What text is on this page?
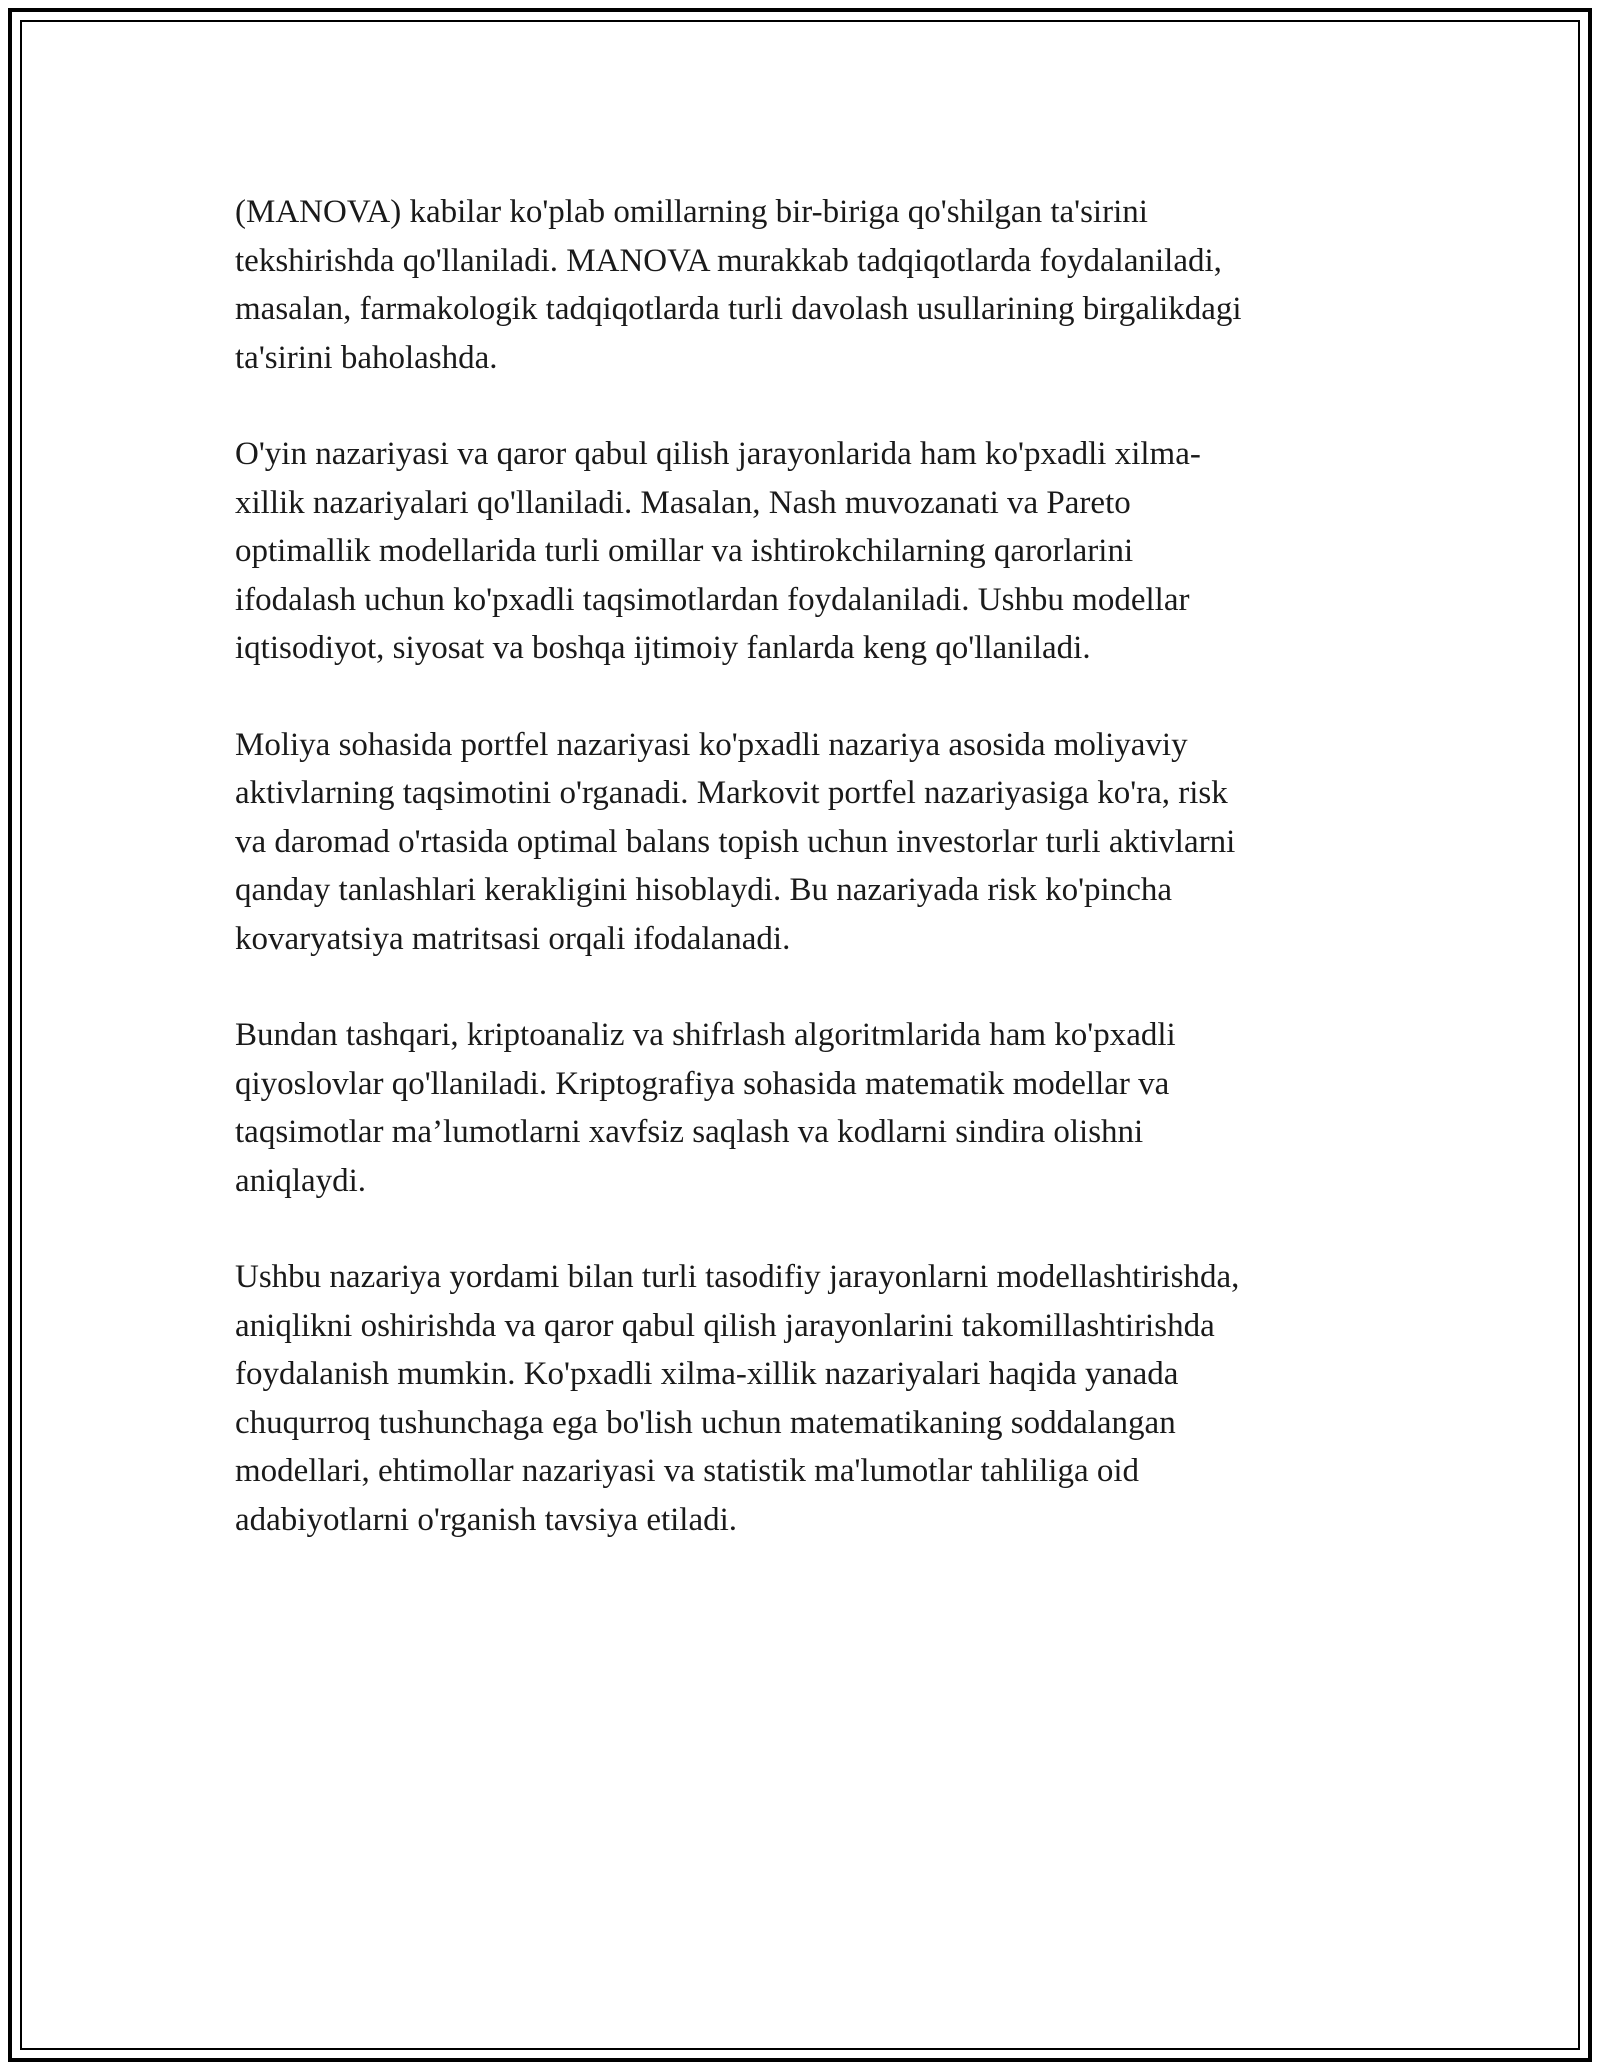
(MANOVA) kabilar ko'plab omillarning bir-biriga qo'shilgan ta'sirini
tekshirishda qo'llaniladi. MANOVA murakkab tadqiqotlarda foydalaniladi,
masalan, farmakologik tadqiqotlarda turli davolash usullarining birgalikdagi
ta'sirini baholashda.

O'yin nazariyasi va qaror qabul qilish jarayonlarida ham ko'pxadli xilma-
xillik nazariyalari qo'llaniladi. Masalan, Nash muvozanati va Pareto
optimallik modellarida turli omillar va ishtirokchilarning qarorlarini
ifodalash uchun ko'pxadli taqsimotlardan foydalaniladi. Ushbu modellar
iqtisodiyot, siyosat va boshqa ijtimoiy fanlarda keng qo'llaniladi.

Moliya sohasida portfel nazariyasi ko'pxadli nazariya asosida moliyaviy
aktivlarning taqsimotini o'rganadi. Markovit portfel nazariyasiga ko'ra, risk
va daromad o'rtasida optimal balans topish uchun investorlar turli aktivlarni
qanday tanlashlari kerakligini hisoblaydi. Bu nazariyada risk ko'pincha
kovaryatsiya matritsasi orqali ifodalanadi.

Bundan tashqari, kriptoanaliz va shifrlash algoritmlarida ham ko'pxadli
qiyoslovlar qo'llaniladi. Kriptografiya sohasida matematik modellar va
taqsimotlar ma’lumotlarni xavfsiz saqlash va kodlarni sindira olishni
aniqlaydi.

Ushbu nazariya yordami bilan turli tasodifiy jarayonlarni modellashtirishda,
aniqlikni oshirishda va qaror qabul qilish jarayonlarini takomillashtirishda
foydalanish mumkin. Ko'pxadli xilma-xillik nazariyalari haqida yanada
chuqurroq tushunchaga ega bo'lish uchun matematikaning soddalangan
modellari, ehtimollar nazariyasi va statistik ma'lumotlar tahliliga oid
adabiyotlarni o'rganish tavsiya etiladi.
